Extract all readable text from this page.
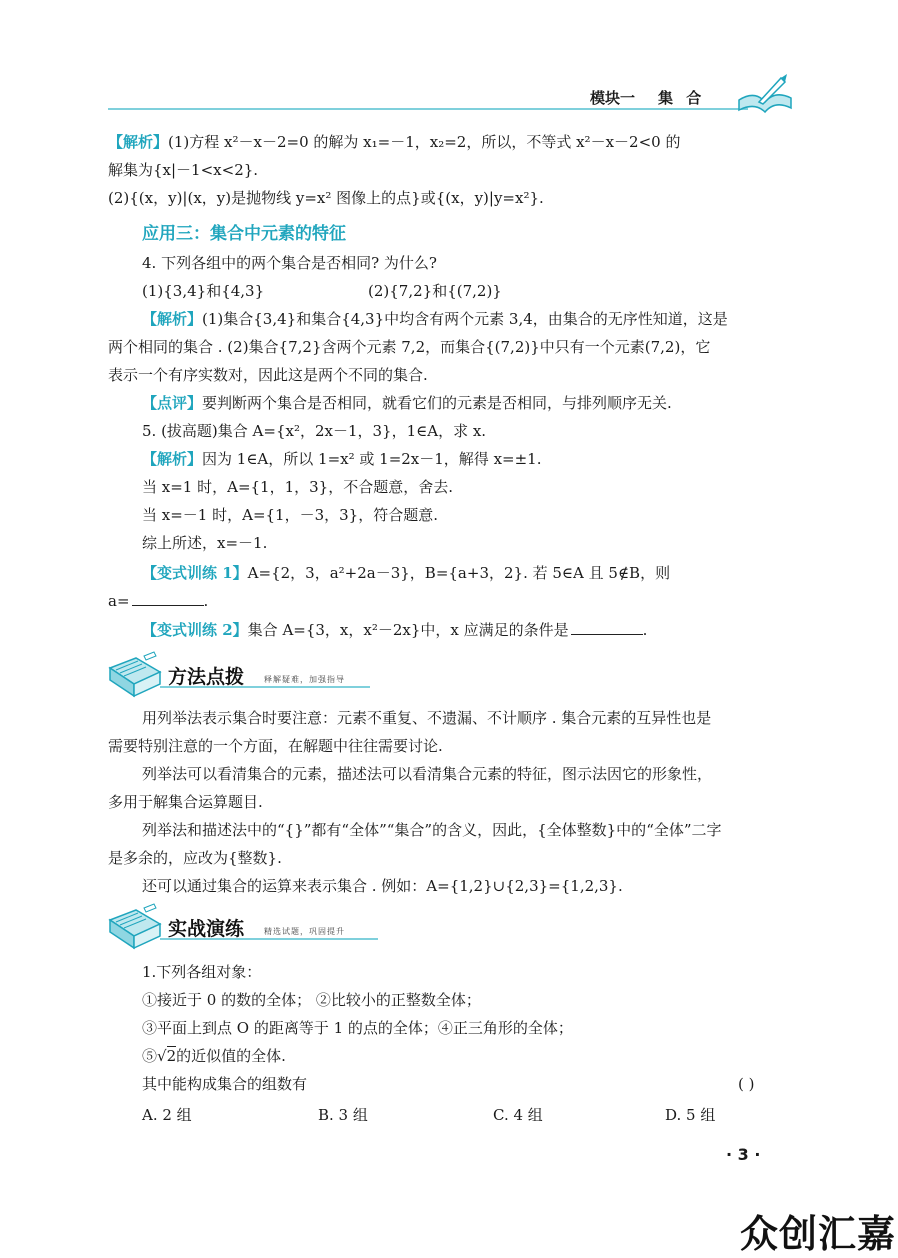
模块一 集 合
【解析】(1)方程 x²－x－2=0 的解为 x₁=－1，x₂=2，所以，不等式 x²－x－2<0 的
解集为{x|－1<x<2}.
(2){(x，y)|(x，y)是抛物线 y=x² 图像上的点}或{(x，y)|y=x²}.
应用三：集合中元素的特征
4. 下列各组中的两个集合是否相同? 为什么?
(1){3,4}和{4,3}	(2){7,2}和{(7,2)}
【解析】(1)集合{3,4}和集合{4,3}中均含有两个元素 3,4，由集合的无序性知道，这是
两个相同的集合 . (2)集合{7,2}含两个元素 7,2，而集合{(7,2)}中只有一个元素(7,2)，它
表示一个有序实数对，因此这是两个不同的集合.
【点评】要判断两个集合是否相同，就看它们的元素是否相同，与排列顺序无关.
5. (拔高题)集合 A={x²，2x－1，3}，1∈A，求 x.
【解析】因为 1∈A，所以 1=x² 或 1=2x－1，解得 x=±1.
当 x=1 时，A={1，1，3}，不合题意，舍去.
当 x=－1 时，A={1，－3，3}，符合题意.
综上所述，x=－1.
【变式训练 1】A={2，3，a²+2a－3}，B={a+3，2}. 若 5∈A 且 5∉B，则
a=	.
【变式训练 2】集合 A={3，x，x²－2x}中，x 应满足的条件是	.
方法点拨 释解疑难，加强指导
用列举法表示集合时要注意：元素不重复、不遗漏、不计顺序 . 集合元素的互异性也是
需要特别注意的一个方面，在解题中往往需要讨论.
列举法可以看清集合的元素，描述法可以看清集合元素的特征，图示法因它的形象性，
多用于解集合运算题目.
列举法和描述法中的“{}”都有“全体”“集合”的含义，因此，{全体整数}中的“全体”二字
是多余的，应改为{整数}.
还可以通过集合的运算来表示集合 . 例如：A={1,2}∪{2,3}={1,2,3}.
实战演练 精选试题，巩固提升
1.下列各组对象：
①接近于 0 的数的全体； ②比较小的正整数全体；
③平面上到点 O 的距离等于 1 的点的全体；④正三角形的全体；
⑤√2的近似值的全体.
其中能构成集合的组数有	( )
A. 2 组	B. 3 组	C. 4 组	D. 5 组
· 3 ·
众创汇嘉
